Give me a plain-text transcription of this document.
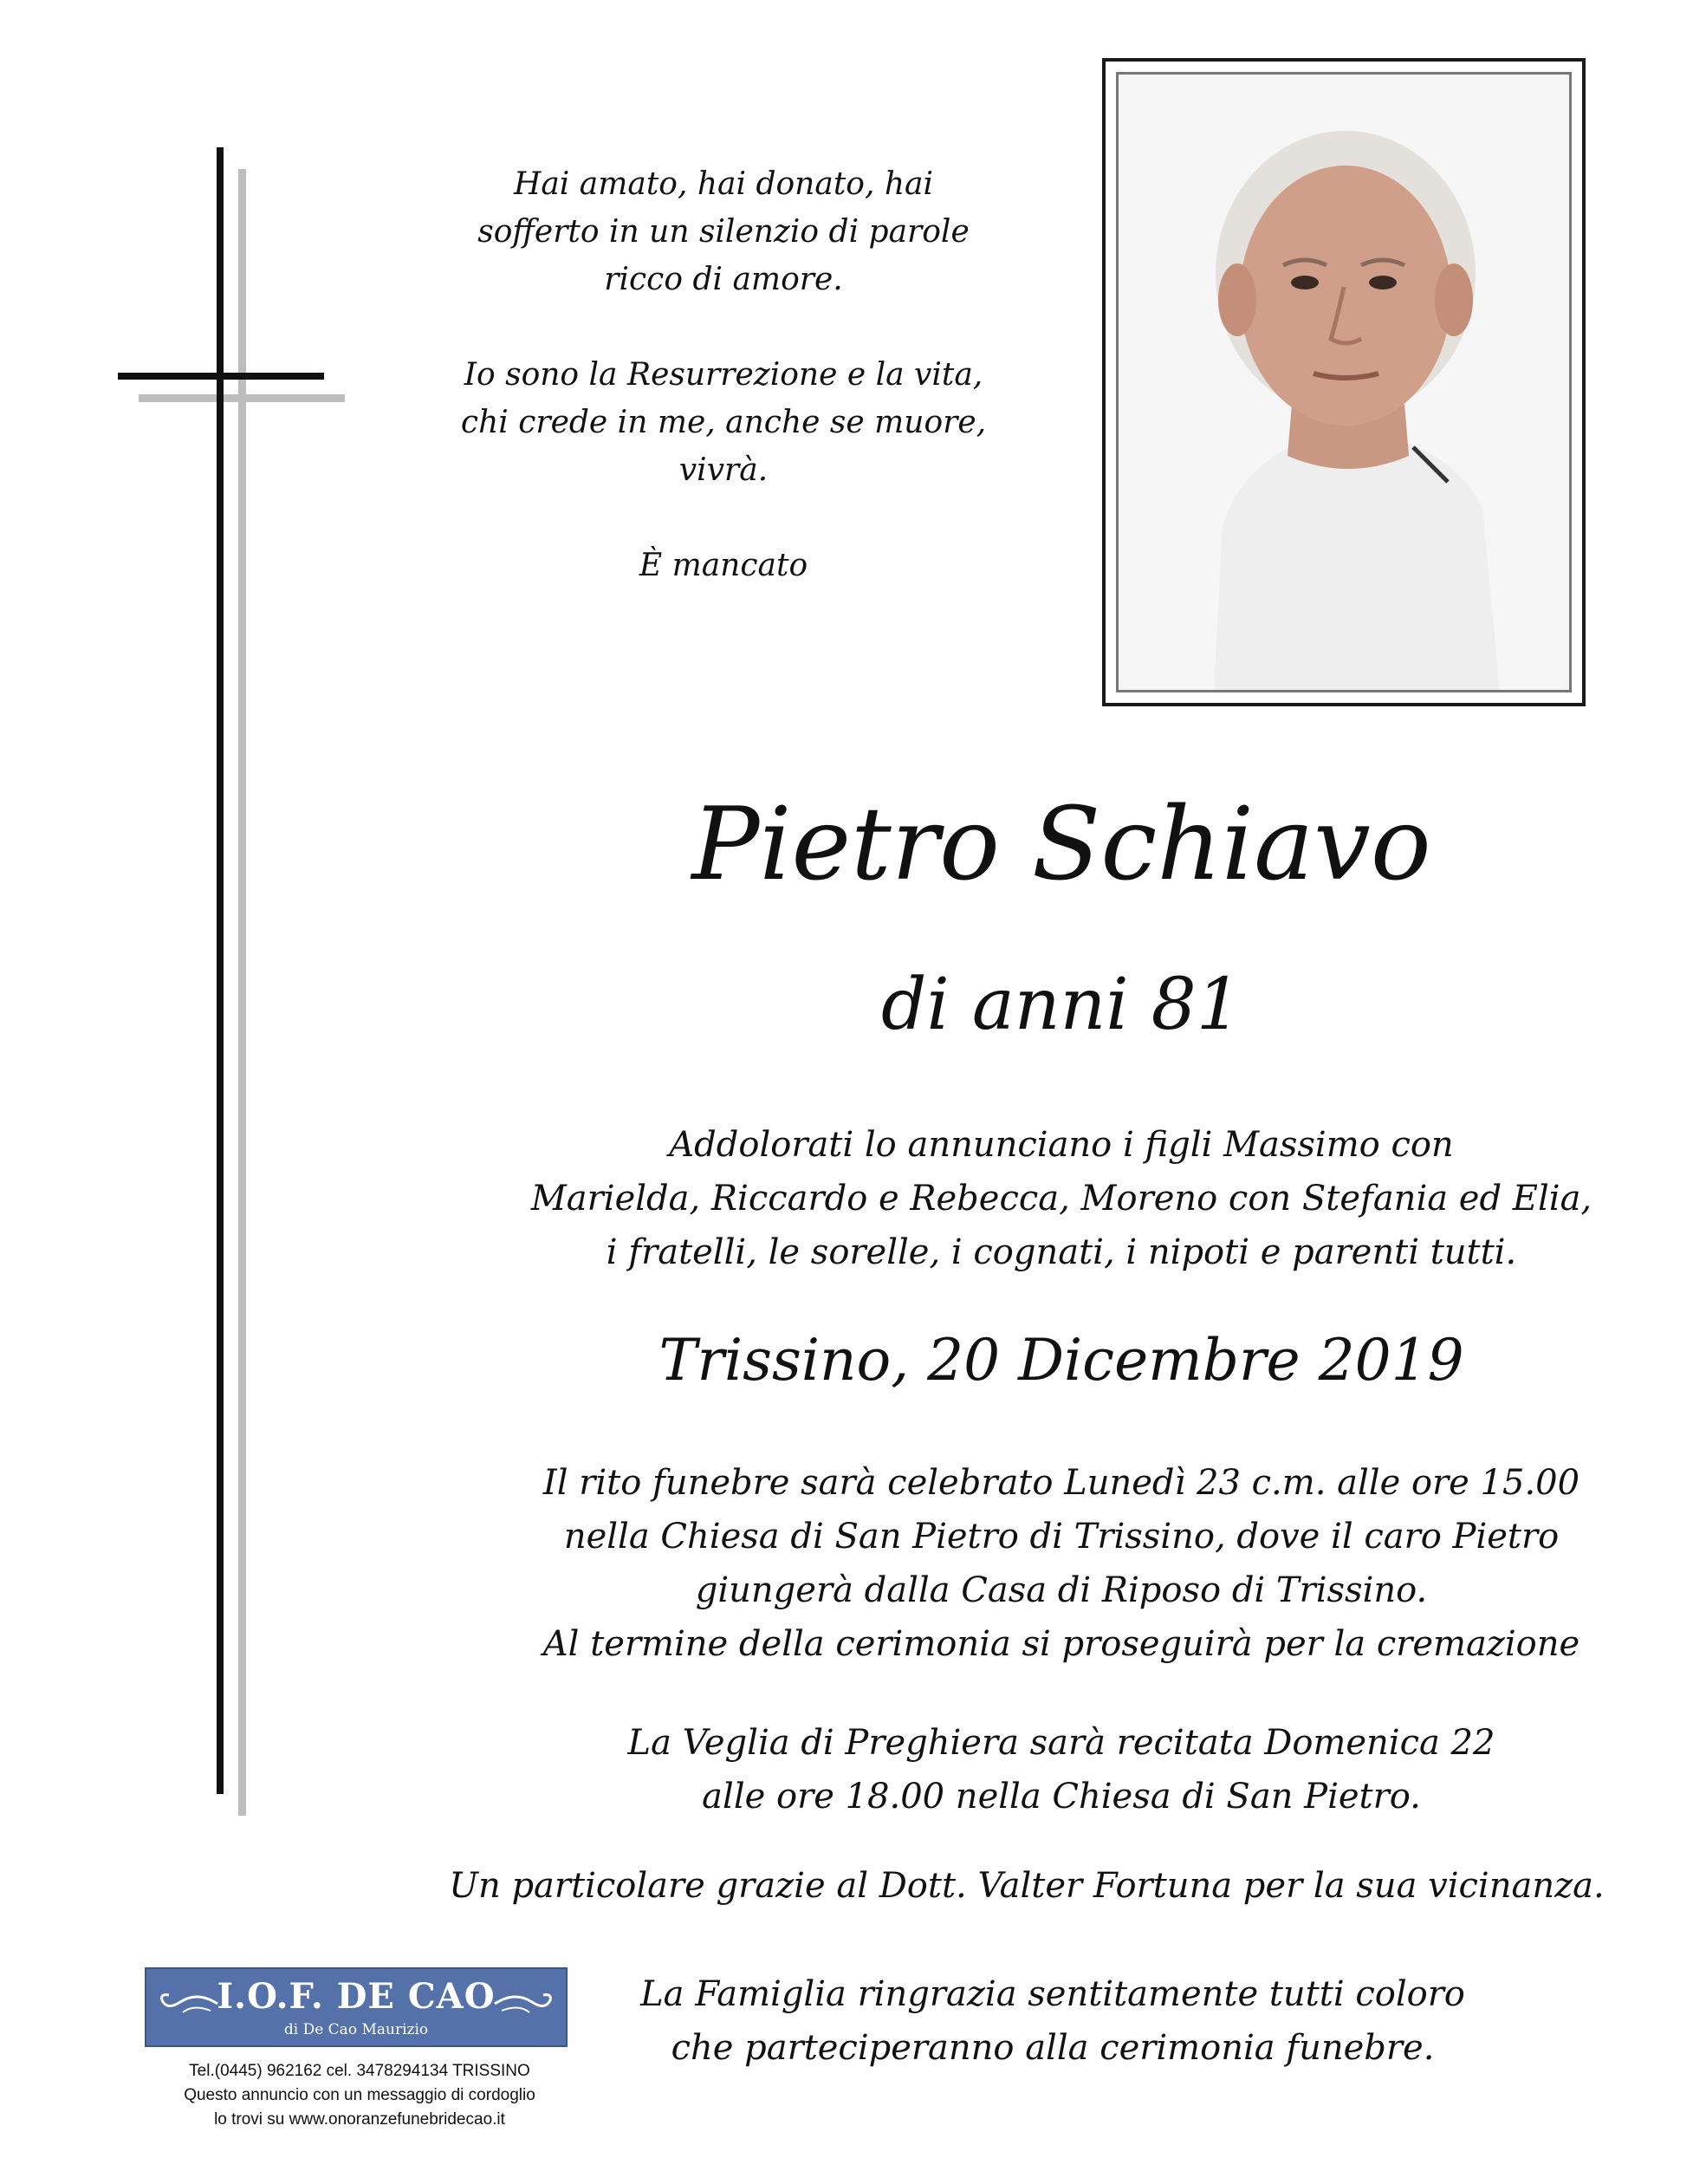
Hai amato, hai donato, hai
sofferto in un silenzio di parole
ricco di amore.
Io sono la Resurrezione e la vita,
chi crede in me, anche se muore,
vivrà.
È mancato
Pietro Schiavo
di anni 81
Addolorati lo annunciano i figli Massimo con
Marielda, Riccardo e Rebecca, Moreno con Stefania ed Elia,
i fratelli, le sorelle, i cognati, i nipoti e parenti tutti.
Trissino, 20 Dicembre 2019
Il rito funebre sarà celebrato Lunedì 23 c.m. alle ore 15.00
nella Chiesa di San Pietro di Trissino, dove il caro Pietro
giungerà dalla Casa di Riposo di Trissino.
Al termine della cerimonia si proseguirà per la cremazione
La Veglia di Preghiera sarà recitata Domenica 22
alle ore 18.00 nella Chiesa di San Pietro.
Un particolare grazie al Dott. Valter Fortuna per la sua vicinanza.
La Famiglia ringrazia sentitamente tutti coloro
che parteciperanno alla cerimonia funebre.
I.O.F. DE CAO
di De Cao Maurizio
Tel.(0445) 962162 cel. 3478294134 TRISSINO
Questo annuncio con un messaggio di cordoglio
lo trovi su www.onoranzefunebridecao.it
